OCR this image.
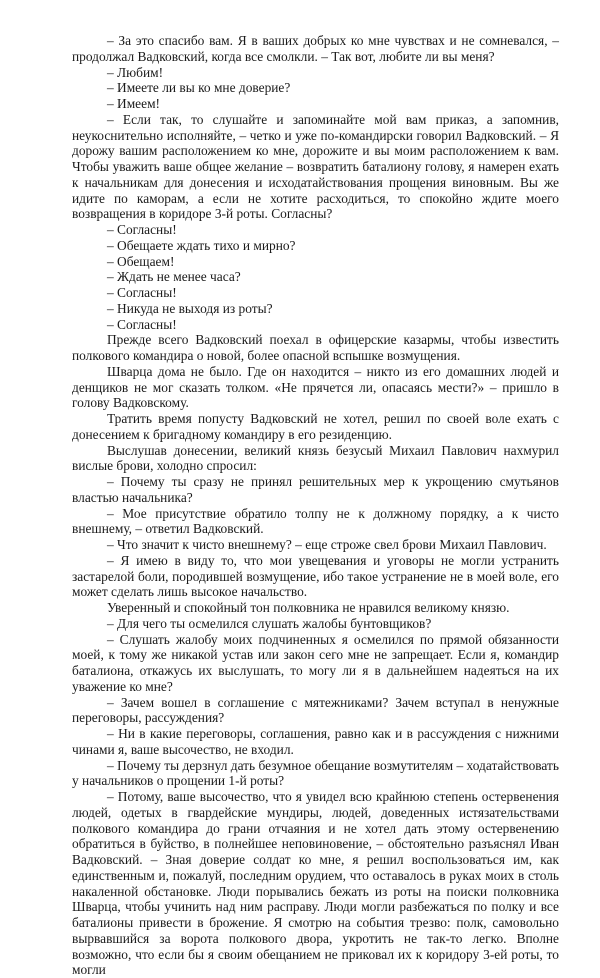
– За это спасибо вам. Я в ваших добрых ко мне чувствах и не сомневался, – продолжал Вадковский, когда все смолкли. – Так вот, любите ли вы меня?

– Любим!

– Имеете ли вы ко мне доверие?

– Имеем!

– Если так, то слушайте и запоминайте мой вам приказ, а запомнив, неукоснительно исполняйте, – четко и уже по-командирски говорил Вадковский. – Я дорожу вашим расположением ко мне, дорожите и вы моим расположением к вам. Чтобы уважить ваше общее желание – возвратить баталиону голову, я намерен ехать к начальникам для донесения и исходатайствования прощения виновным. Вы же идите по каморам, а если не хотите расходиться, то спокойно ждите моего возвращения в коридоре 3-й роты. Согласны?

– Согласны!

– Обещаете ждать тихо и мирно?

– Обещаем!

– Ждать не менее часа?

– Согласны!

– Никуда не выходя из роты?

– Согласны!

Прежде всего Вадковский поехал в офицерские казармы, чтобы известить полкового командира о новой, более опасной вспышке возмущения.

Шварца дома не было. Где он находится – никто из его домашних людей и денщиков не мог сказать толком. «Не прячется ли, опасаясь мести?» – пришло в голову Вадковскому.

Тратить время попусту Вадковский не хотел, решил по своей воле ехать с донесением к бригадному командиру в его резиденцию.

Выслушав донесении, великий князь безусый Михаил Павлович нахмурил вислые брови, холодно спросил:

– Почему ты сразу не принял решительных мер к укрощению смутьянов властью начальника?

– Мое присутствие обратило толпу не к должному порядку, а к чисто внешнему, – ответил Вадковский.

– Что значит к чисто внешнему? – еще строже свел брови Михаил Павлович.

– Я имею в виду то, что мои увещевания и уговоры не могли устранить застарелой боли, породившей возмущение, ибо такое устранение не в моей воле, его может сделать лишь высокое начальство.

Уверенный и спокойный тон полковника не нравился великому князю.

– Для чего ты осмелился слушать жалобы бунтовщиков?

– Слушать жалобу моих подчиненных я осмелился по прямой обязанности моей, к тому же никакой устав или закон сего мне не запрещает. Если я, командир баталиона, откажусь их выслушать, то могу ли я в дальнейшем надеяться на их уважение ко мне?

– Зачем вошел в соглашение с мятежниками? Зачем вступал в ненужные переговоры, рассуждения?

– Ни в какие переговоры, соглашения, равно как и в рассуждения с нижними чинами я, ваше высочество, не входил.

– Почему ты дерзнул дать безумное обещание возмутителям – ходатайствовать у начальников о прощении 1-й роты?

– Потому, ваше высочество, что я увидел всю крайнюю степень остервенения людей, одетых в гвардейские мундиры, людей, доведенных истязательствами полкового командира до грани отчаяния и не хотел дать этому остервенению обратиться в буйство, в полнейшее неповиновение, – обстоятельно разъяснял Иван Вадковский. – Зная доверие солдат ко мне, я решил воспользоваться им, как единственным и, пожалуй, последним орудием, что оставалось в руках моих в столь накаленной обстановке. Люди порывались бежать из роты на поиски полковника Шварца, чтобы учинить над ним расправу. Люди могли разбежаться по полку и все баталионы привести в брожение. Я смотрю на события трезво: полк, самовольно вырвавшийся за ворота полкового двора, укротить не так-то легко. Вполне возможно, что если бы я своим обещанием не приковал их к коридору 3-ей роты, то могли
